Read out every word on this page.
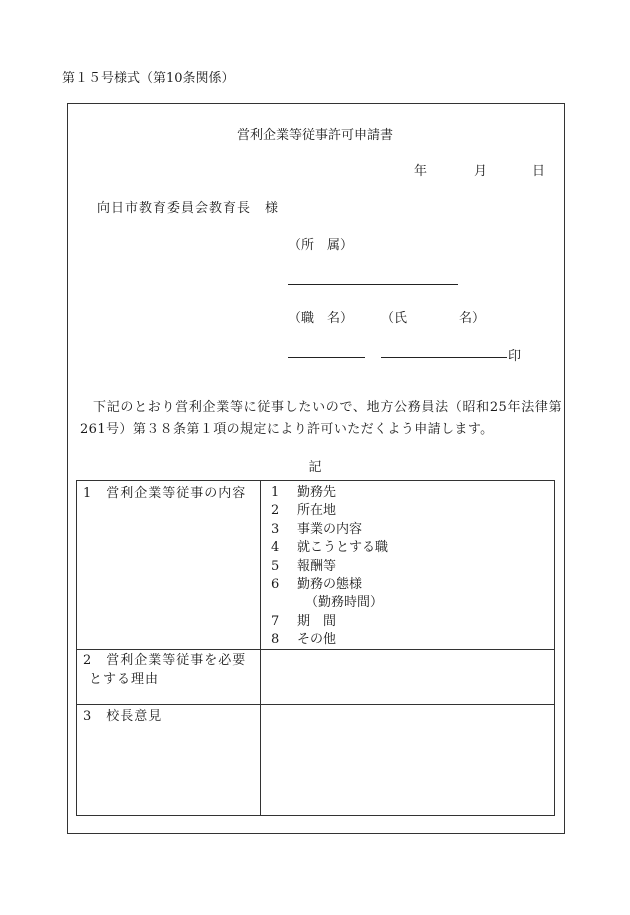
第１５号様式（第10条関係）
営利企業等従事許可申請書
年	月	日
向日市教育委員会教育長　様
（所　属）
（職　名） （氏　　　　名）
印

下記のとおり営利企業等に従事したいので、地方公務員法（昭和25年法律第261号）第３８条第１項の規定により許可いただくよう申請します。

記
1　営利企業等従事の内容 1 勤務先
2 所在地
3 事業の内容
4 就こうとする職
5 報酬等
6 勤務の態様
（勤務時間）
7 期　間
8 その他
2　営利企業等従事を必要
とする理由
3　校長意見
